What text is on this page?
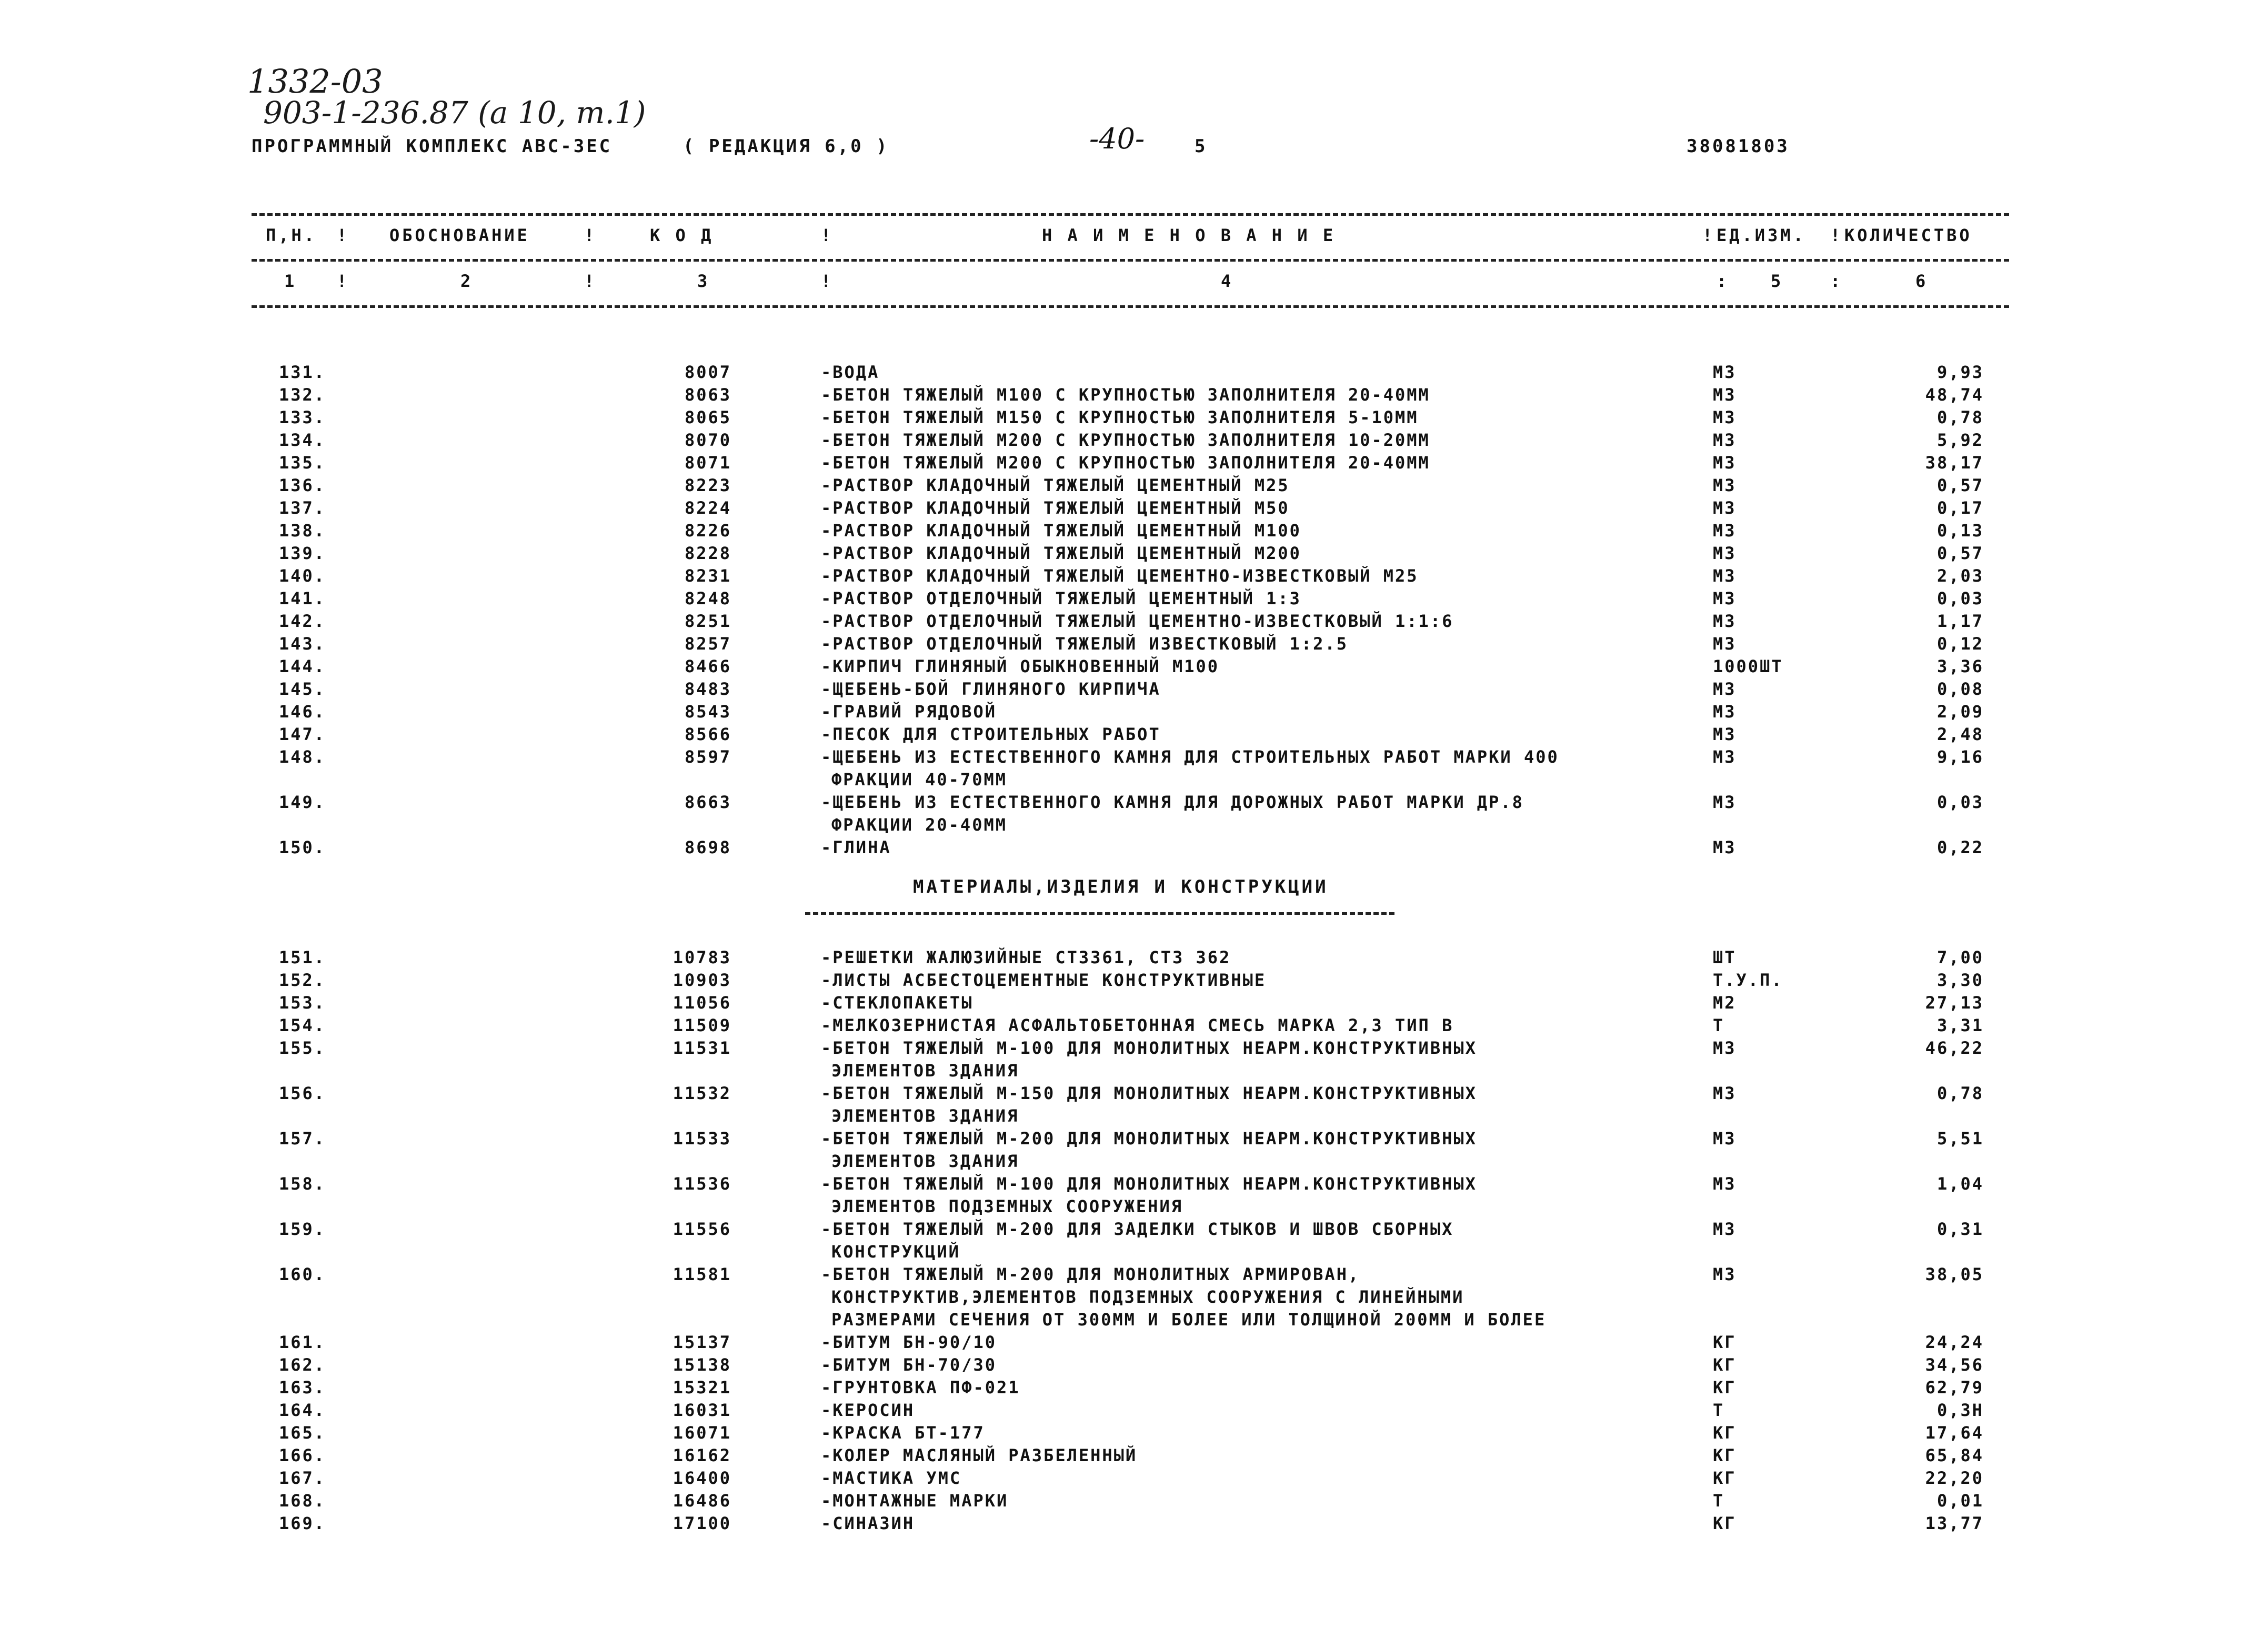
1332-03
903-1-236.87 (a 10, т.1)
-40-
ПРОГРАММНЫЙ КОМПЛЕКС АВС-ЗЕС	( РЕДАКЦИЯ 6,0 )	5	38081803
П,Н. !	ОБОСНОВАНИЕ	!	К О Д	!	Н А И М Е Н О В А Н И Е	! ЕД.ИЗМ. ! КОЛИЧЕСТВО
1 !	2	!	3	!	4	:	5	:	6
131.	8007	-ВОДА	М3	9,93
132.	8063	-БЕТОН ТЯЖЕЛЫЙ М100 С КРУПНОСТЬЮ ЗАПОЛНИТЕЛЯ 20-40ММ	М3	48,74
133.	8065	-БЕТОН ТЯЖЕЛЫЙ М150 С КРУПНОСТЬЮ ЗАПОЛНИТЕЛЯ 5-10ММ	М3	0,78
134.	8070	-БЕТОН ТЯЖЕЛЫЙ М200 С КРУПНОСТЬЮ ЗАПОЛНИТЕЛЯ 10-20ММ	М3	5,92
135.	8071	-БЕТОН ТЯЖЕЛЫЙ М200 С КРУПНОСТЬЮ ЗАПОЛНИТЕЛЯ 20-40ММ	М3	38,17
136.	8223	-РАСТВОР КЛАДОЧНЫЙ ТЯЖЕЛЫЙ ЦЕМЕНТНЫЙ М25	М3	0,57
137.	8224	-РАСТВОР КЛАДОЧНЫЙ ТЯЖЕЛЫЙ ЦЕМЕНТНЫЙ М50	М3	0,17
138.	8226	-РАСТВОР КЛАДОЧНЫЙ ТЯЖЕЛЫЙ ЦЕМЕНТНЫЙ М100	М3	0,13
139.	8228	-РАСТВОР КЛАДОЧНЫЙ ТЯЖЕЛЫЙ ЦЕМЕНТНЫЙ М200	М3	0,57
140.	8231	-РАСТВОР КЛАДОЧНЫЙ ТЯЖЕЛЫЙ ЦЕМЕНТНО-ИЗВЕСТКОВЫЙ М25	М3	2,03
141.	8248	-РАСТВОР ОТДЕЛОЧНЫЙ ТЯЖЕЛЫЙ ЦЕМЕНТНЫЙ 1:3	М3	0,03
142.	8251	-РАСТВОР ОТДЕЛОЧНЫЙ ТЯЖЕЛЫЙ ЦЕМЕНТНО-ИЗВЕСТКОВЫЙ 1:1:6	М3	1,17
143.	8257	-РАСТВОР ОТДЕЛОЧНЫЙ ТЯЖЕЛЫЙ ИЗВЕСТКОВЫЙ 1:2.5	М3	0,12
144.	8466	-КИРПИЧ ГЛИНЯНЫЙ ОБЫКНОВЕННЫЙ М100	1000ШТ	3,36
145.	8483	-ЩЕБЕНЬ-БОЙ ГЛИНЯНОГО КИРПИЧА	М3	0,08
146.	8543	-ГРАВИЙ РЯДОВОЙ	М3	2,09
147.	8566	-ПЕСОК ДЛЯ СТРОИТЕЛЬНЫХ РАБОТ	М3	2,48
148.	8597	-ЩЕБЕНЬ ИЗ ЕСТЕСТВЕННОГО КАМНЯ ДЛЯ СТРОИТЕЛЬНЫХ РАБОТ МАРКИ 400	М3	9,16
ФРАКЦИИ 40-70ММ
149.	8663	-ЩЕБЕНЬ ИЗ ЕСТЕСТВЕННОГО КАМНЯ ДЛЯ ДОРОЖНЫХ РАБОТ МАРКИ ДР.8	М3	0,03
ФРАКЦИИ 20-40ММ
150.	8698	-ГЛИНА	М3	0,22
МАТЕРИАЛЫ,ИЗДЕЛИЯ И КОНСТРУКЦИИ
151.	10783	-РЕШЕТКИ ЖАЛЮЗИЙНЫЕ СТ3361, СТ3 362	ШТ	7,00
152.	10903	-ЛИСТЫ АСБЕСТОЦЕМЕНТНЫЕ КОНСТРУКТИВНЫЕ	Т.У.П.	3,30
153.	11056	-СТЕКЛОПАКЕТЫ	М2	27,13
154.	11509	-МЕЛКОЗЕРНИСТАЯ АСФАЛЬТОБЕТОННАЯ СМЕСЬ МАРКА 2,3 ТИП В	Т	3,31
155.	11531	-БЕТОН ТЯЖЕЛЫЙ М-100 ДЛЯ МОНОЛИТНЫХ НЕАРМ.КОНСТРУКТИВНЫХ	М3	46,22
ЭЛЕМЕНТОВ ЗДАНИЯ
156.	11532	-БЕТОН ТЯЖЕЛЫЙ М-150 ДЛЯ МОНОЛИТНЫХ НЕАРМ.КОНСТРУКТИВНЫХ	М3	0,78
ЭЛЕМЕНТОВ ЗДАНИЯ
157.	11533	-БЕТОН ТЯЖЕЛЫЙ М-200 ДЛЯ МОНОЛИТНЫХ НЕАРМ.КОНСТРУКТИВНЫХ	М3	5,51
ЭЛЕМЕНТОВ ЗДАНИЯ
158.	11536	-БЕТОН ТЯЖЕЛЫЙ М-100 ДЛЯ МОНОЛИТНЫХ НЕАРМ.КОНСТРУКТИВНЫХ	М3	1,04
ЭЛЕМЕНТОВ ПОДЗЕМНЫХ СООРУЖЕНИЯ
159.	11556	-БЕТОН ТЯЖЕЛЫЙ М-200 ДЛЯ ЗАДЕЛКИ СТЫКОВ И ШВОВ СБОРНЫХ	М3	0,31
КОНСТРУКЦИЙ
160.	11581	-БЕТОН ТЯЖЕЛЫЙ М-200 ДЛЯ МОНОЛИТНЫХ АРМИРОВАН,	М3	38,05
КОНСТРУКТИВ,ЭЛЕМЕНТОВ ПОДЗЕМНЫХ СООРУЖЕНИЯ С ЛИНЕЙНЫМИ
РАЗМЕРАМИ СЕЧЕНИЯ ОТ 300ММ И БОЛЕЕ ИЛИ ТОЛЩИНОЙ 200ММ И БОЛЕЕ
161.	15137	-БИТУМ БН-90/10	КГ	24,24
162.	15138	-БИТУМ БН-70/30	КГ	34,56
163.	15321	-ГРУНТОВКА ПФ-021	КГ	62,79
164.	16031	-КЕРОСИН	Т	0,3Н
165.	16071	-КРАСКА БТ-177	КГ	17,64
166.	16162	-КОЛЕР МАСЛЯНЫЙ РАЗБЕЛЕННЫЙ	КГ	65,84
167.	16400	-МАСТИКА УМС	КГ	22,20
168.	16486	-МОНТАЖНЫЕ МАРКИ	Т	0,01
169.	17100	-СИНАЗИН	КГ	13,77
